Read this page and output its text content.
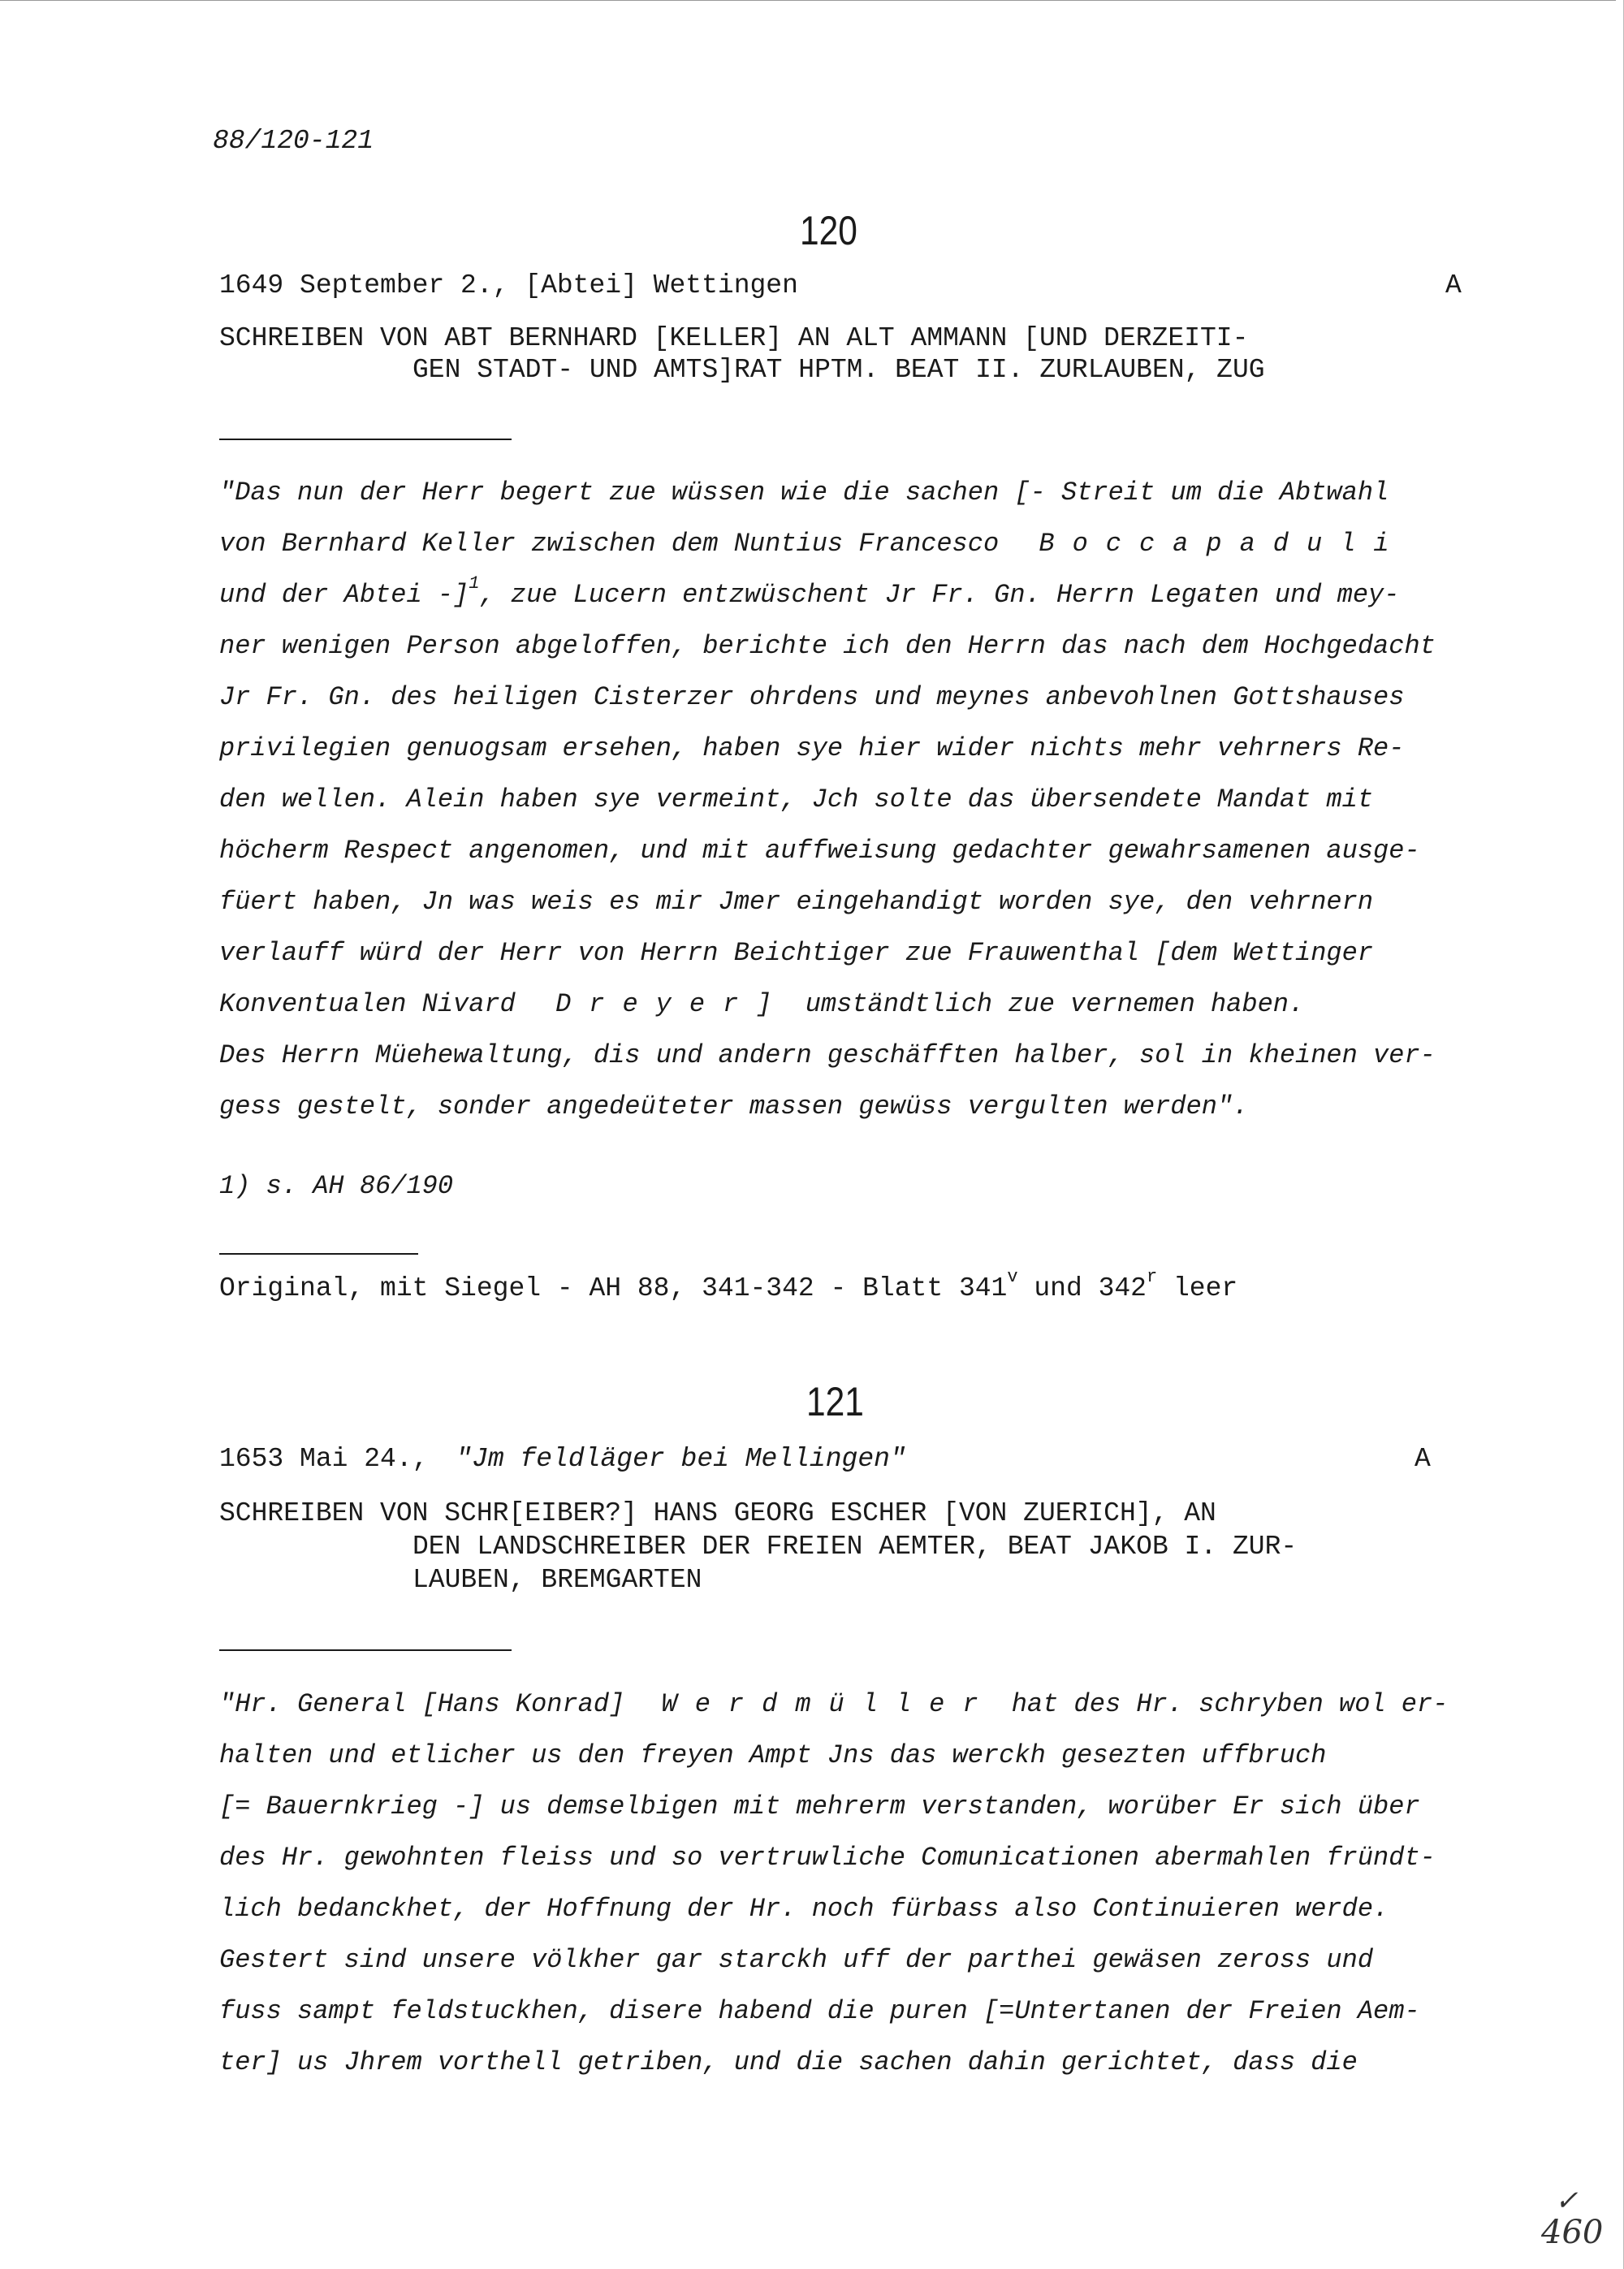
88/120-121
120
1649 September 2., [Abtei] Wettingen	A
SCHREIBEN VON ABT BERNHARD [KELLER] AN ALT AMMANN [UND DERZEITI-
GEN STADT- UND AMTS]RAT HPTM. BEAT II. ZURLAUBEN, ZUG
"Das nun der Herr begert zue wüssen wie die sachen [- Streit um die Abtwahl
von Bernhard Keller zwischen dem Nuntius Francesco Boccapaduli
und der Abtei -]$^1$, zue Lucern entzwüschent Jr Fr. Gn. Herrn Legaten und mey-
ner wenigen Person abgeloffen, berichte ich den Herrn das nach dem Hochgedacht
Jr Fr. Gn. des heiligen Cisterzer ohrdens und meynes anbevohlnen Gottshauses
privilegien genuogsam ersehen, haben sye hier wider nichts mehr vehrners Re-
den wellen. Alein haben sye vermeint, Jch solte das übersendete Mandat mit
höcherm Respect angenomen, und mit auffweisung gedachter gewahrsamenen ausge-
füert haben, Jn was weis es mir Jmer eingehandigt worden sye, den vehrnern
verlauff würd der Herr von Herrn Beichtiger zue Frauwenthal [dem Wettinger
Konventualen Nivard Dreyer] umständtlich zue vernemen haben.
Des Herrn Müehewaltung, dis und andern geschäfften halber, sol in kheinen ver-
gess gestelt, sonder angedeüteter massen gewüss vergulten werden".
1) s. AH 86/190
Original, mit Siegel - AH 88, 341-342 - Blatt 341$^v$ und 342$^r$ leer
121
1653 Mai 24., "Jm feldläger bei Mellingen"	A
SCHREIBEN VON SCHR[EIBER?] HANS GEORG ESCHER [VON ZUERICH], AN
DEN LANDSCHREIBER DER FREIEN AEMTER, BEAT JAKOB I. ZUR-
LAUBEN, BREMGARTEN
"Hr. General [Hans Konrad] Werdmüller hat des Hr. schryben wol er-
halten und etlicher us den freyen Ampt Jns das werckh gesezten uffbruch
[= Bauernkrieg -] us demselbigen mit mehrerm verstanden, worüber Er sich über
des Hr. gewohnten fleiss und so vertruwliche Comunicationen abermahlen fründt-
lich bedanckhet, der Hoffnung der Hr. noch fürbass also Continuieren werde.
Gestert sind unsere völkher gar starckh uff der parthei gewäsen zeross und
fuss sampt feldstuckhen, disere habend die puren [=Untertanen der Freien Aem-
ter] us Jhrem vorthell getriben, und die sachen dahin gerichtet, dass die
✓
460
